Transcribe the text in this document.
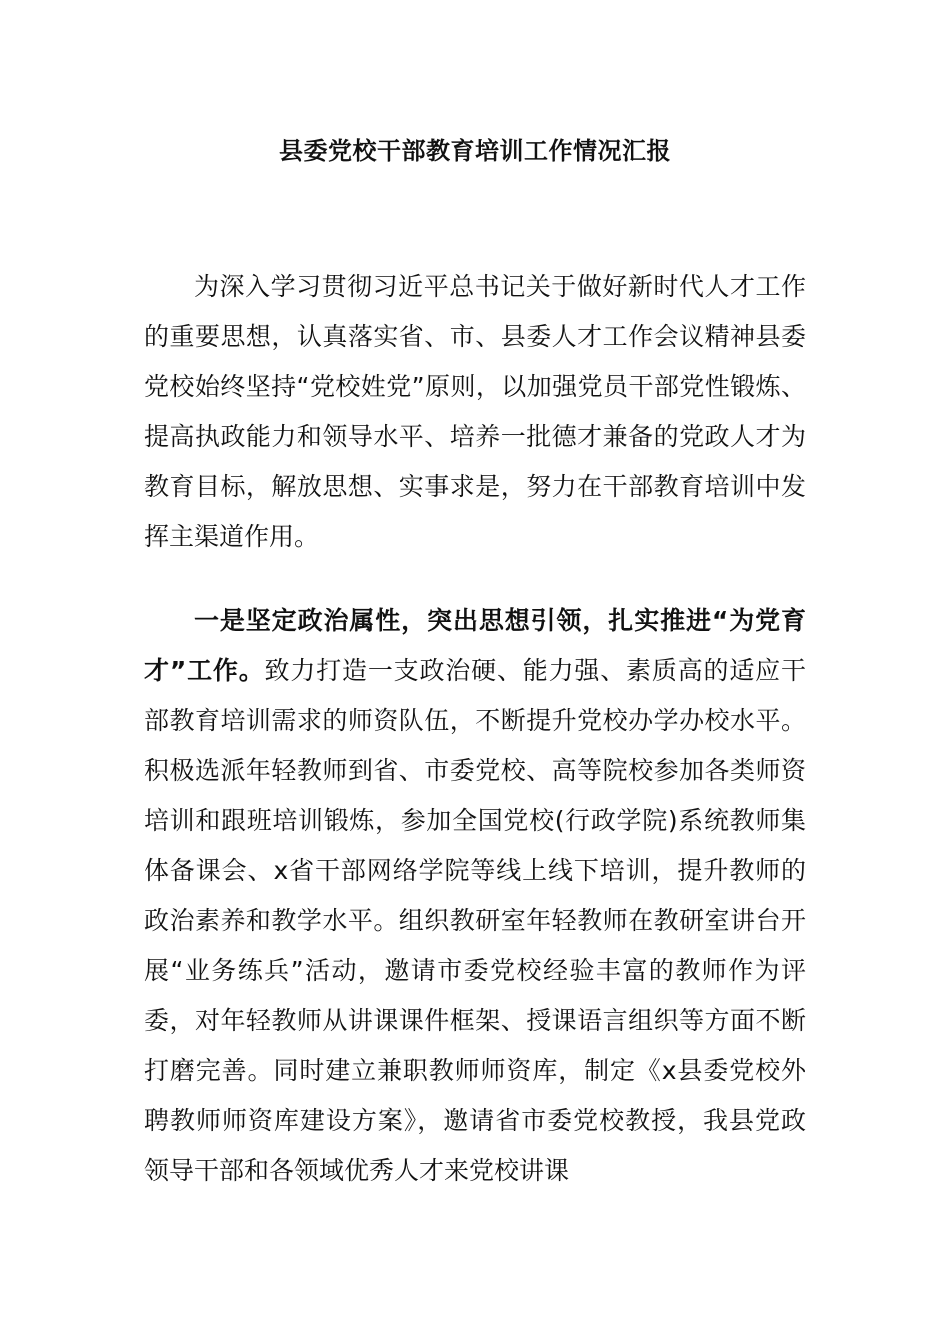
县委党校干部教育培训工作情况汇报

为深入学习贯彻习近平总书记关于做好新时代人才工作的重要思想，认真落实省、市、县委人才工作会议精神县委党校始终坚持“党校姓党”原则，以加强党员干部党性锻炼、提高执政能力和领导水平、培养一批德才兼备的党政人才为教育目标，解放思想、实事求是，努力在干部教育培训中发挥主渠道作用。

一是坚定政治属性，突出思想引领，扎实推进“为党育才”工作。致力打造一支政治硬、能力强、素质高的适应干部教育培训需求的师资队伍，不断提升党校办学办校水平。积极选派年轻教师到省、市委党校、高等院校参加各类师资培训和跟班培训锻炼，参加全国党校(行政学院)系统教师集体备课会、x省干部网络学院等线上线下培训，提升教师的政治素养和教学水平。组织教研室年轻教师在教研室讲台开展“业务练兵”活动，邀请市委党校经验丰富的教师作为评委，对年轻教师从讲课课件框架、授课语言组织等方面不断打磨完善。同时建立兼职教师师资库，制定《x县委党校外聘教师师资库建设方案》，邀请省市委党校教授，我县党政领导干部和各领域优秀人才来党校讲课
